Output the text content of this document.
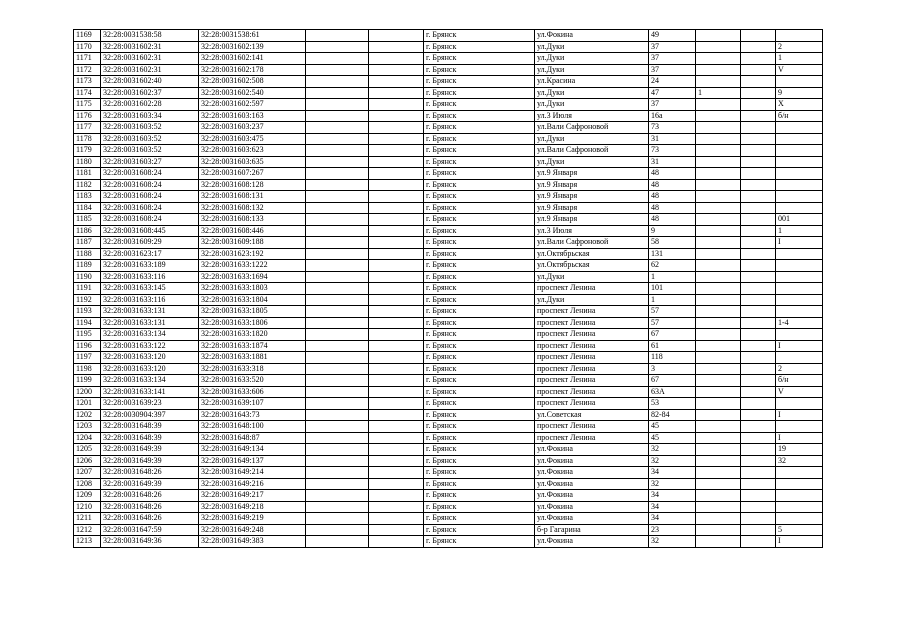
1169	32:28:0031538:58	32:28:0031538:61			г. Брянск	ул.Фокина	49			
1170	32:28:0031602:31	32:28:0031602:139			г. Брянск	ул.Дуки	37			2
1171	32:28:0031602:31	32:28:0031602:141			г. Брянск	ул.Дуки	37			1
1172	32:28:0031602:31	32:28:0031602:178			г. Брянск	ул.Дуки	37			V
1173	32:28:0031602:40	32:28:0031602:508			г. Брянск	ул.Красина	24			
1174	32:28:0031602:37	32:28:0031602:540			г. Брянск	ул.Дуки	47	1		9
1175	32:28:0031602:28	32:28:0031602:597			г. Брянск	ул.Дуки	37			X
1176	32:28:0031603:34	32:28:0031603:163			г. Брянск	ул.3 Июля	16а			б/н
1177	32:28:0031603:52	32:28:0031603:237			г. Брянск	ул.Вали Сафроновой	73			
1178	32:28:0031603:52	32:28:0031603:475			г. Брянск	ул.Дуки	31			
1179	32:28:0031603:52	32:28:0031603:623			г. Брянск	ул.Вали Сафроновой	73			
1180	32:28:0031603:27	32:28:0031603:635			г. Брянск	ул.Дуки	31			
1181	32:28:0031608:24	32:28:0031607:267			г. Брянск	ул.9 Января	48			
1182	32:28:0031608:24	32:28:0031608:128			г. Брянск	ул.9 Января	48			
1183	32:28:0031608:24	32:28:0031608:131			г. Брянск	ул.9 Января	48			
1184	32:28:0031608:24	32:28:0031608:132			г. Брянск	ул.9 Января	48			
1185	32:28:0031608:24	32:28:0031608:133			г. Брянск	ул.9 Января	48			001
1186	32:28:0031608:445	32:28:0031608:446			г. Брянск	ул.3 Июля	9			1
1187	32:28:0031609:29	32:28:0031609:188			г. Брянск	ул.Вали Сафроновой	58			I
1188	32:28:0031623:17	32:28:0031623:192			г. Брянск	ул.Октябрьская	131			
1189	32:28:0031633:189	32:28:0031633:1222			г. Брянск	ул.Октябрьская	62			
1190	32:28:0031633:116	32:28:0031633:1694			г. Брянск	ул.Дуки	1			
1191	32:28:0031633:145	32:28:0031633:1803			г. Брянск	проспект Ленина	101			
1192	32:28:0031633:116	32:28:0031633:1804			г. Брянск	ул.Дуки	1			
1193	32:28:0031633:131	32:28:0031633:1805			г. Брянск	проспект Ленина	57			
1194	32:28:0031633:131	32:28:0031633:1806			г. Брянск	проспект Ленина	57			1-4
1195	32:28:0031633:134	32:28:0031633:1820			г. Брянск	проспект Ленина	67			
1196	32:28:0031633:122	32:28:0031633:1874			г. Брянск	проспект Ленина	61			I
1197	32:28:0031633:120	32:28:0031633:1881			г. Брянск	проспект Ленина	118			
1198	32:28:0031633:120	32:28:0031633:318			г. Брянск	проспект Ленина	3			2
1199	32:28:0031633:134	32:28:0031633:520			г. Брянск	проспект Ленина	67			б/н
1200	32:28:0031633:141	32:28:0031633:606			г. Брянск	проспект Ленина	63А			V
1201	32:28:0031639:23	32:28:0031639:107			г. Брянск	проспект Ленина	53			
1202	32:28:0030904:397	32:28:0031643:73			г. Брянск	ул.Советская	82-84			I
1203	32:28:0031648:39	32:28:0031648:100			г. Брянск	проспект Ленина	45			
1204	32:28:0031648:39	32:28:0031648:87			г. Брянск	проспект Ленина	45			I
1205	32:28:0031649:39	32:28:0031649:134			г. Брянск	ул.Фокина	32			19
1206	32:28:0031649:39	32:28:0031649:137			г. Брянск	ул.Фокина	32			32
1207	32:28:0031648:26	32:28:0031649:214			г. Брянск	ул.Фокина	34			
1208	32:28:0031649:39	32:28:0031649:216			г. Брянск	ул.Фокина	32			
1209	32:28:0031648:26	32:28:0031649:217			г. Брянск	ул.Фокина	34			
1210	32:28:0031648:26	32:28:0031649:218			г. Брянск	ул.Фокина	34			
1211	32:28:0031648:26	32:28:0031649:219			г. Брянск	ул.Фокина	34			
1212	32:28:0031647:59	32:28:0031649:248			г. Брянск	б-р Гагарина	23			5
1213	32:28:0031649:36	32:28:0031649:383			г. Брянск	ул.Фокина	32			I
